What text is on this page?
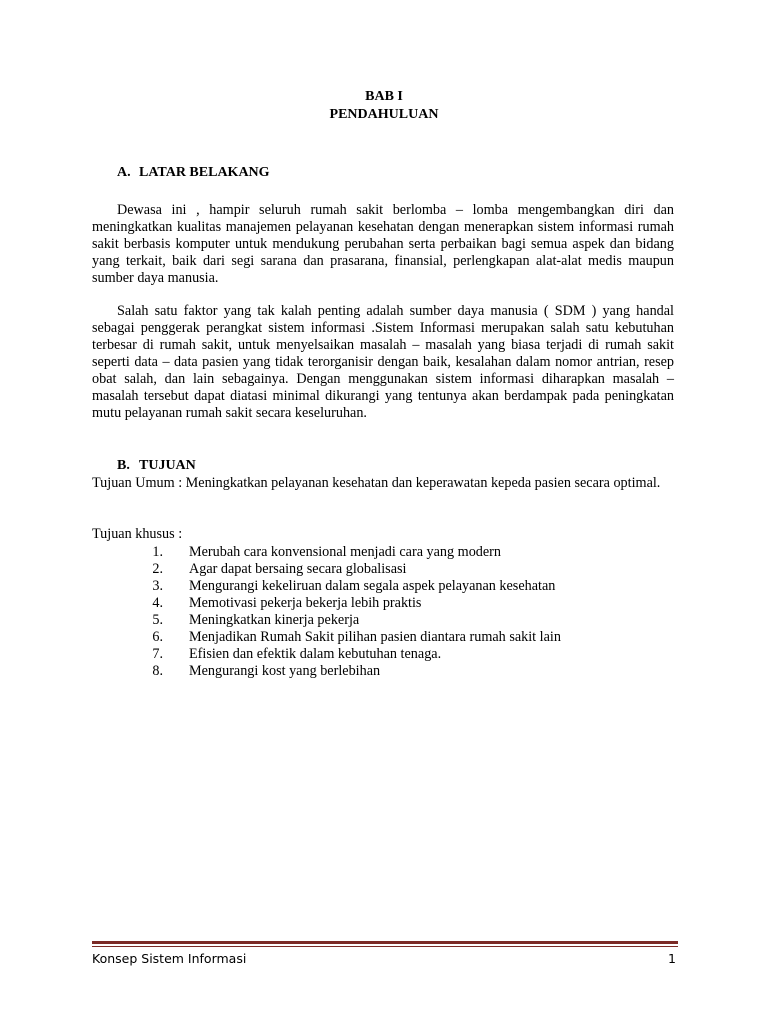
BAB I
PENDAHULUAN
A. LATAR BELAKANG

Dewasa ini , hampir seluruh rumah sakit berlomba – lomba mengembangkan diri dan meningkatkan kualitas manajemen pelayanan kesehatan dengan menerapkan sistem informasi rumah sakit berbasis komputer untuk mendukung perubahan serta perbaikan bagi semua aspek dan bidang yang terkait, baik dari segi sarana dan prasarana, finansial, perlengkapan alat-alat medis maupun sumber daya manusia.

Salah satu faktor yang tak kalah penting adalah sumber daya manusia ( SDM ) yang handal sebagai penggerak perangkat sistem informasi .Sistem Informasi merupakan salah satu kebutuhan terbesar di rumah sakit, untuk menyelsaikan masalah – masalah yang biasa terjadi di rumah sakit seperti data – data pasien yang tidak terorganisir dengan baik, kesalahan dalam nomor antrian, resep obat salah, dan lain sebagainya. Dengan menggunakan sistem informasi diharapkan masalah – masalah tersebut dapat diatasi minimal dikurangi yang tentunya akan berdampak pada peningkatan mutu pelayanan rumah sakit secara keseluruhan.

B. TUJUAN

Tujuan Umum : Meningkatkan pelayanan kesehatan dan keperawatan kepeda pasien secara optimal.

Tujuan khusus :

1. Merubah cara konvensional menjadi cara yang modern
2. Agar dapat bersaing secara globalisasi
3. Mengurangi kekeliruan dalam segala aspek pelayanan kesehatan
4. Memotivasi pekerja bekerja lebih praktis
5. Meningkatkan kinerja pekerja
6. Menjadikan Rumah Sakit pilihan pasien diantara rumah sakit lain
7. Efisien dan efektik dalam kebutuhan tenaga.
8. Mengurangi kost yang berlebihan
Konsep Sistem Informasi	1
